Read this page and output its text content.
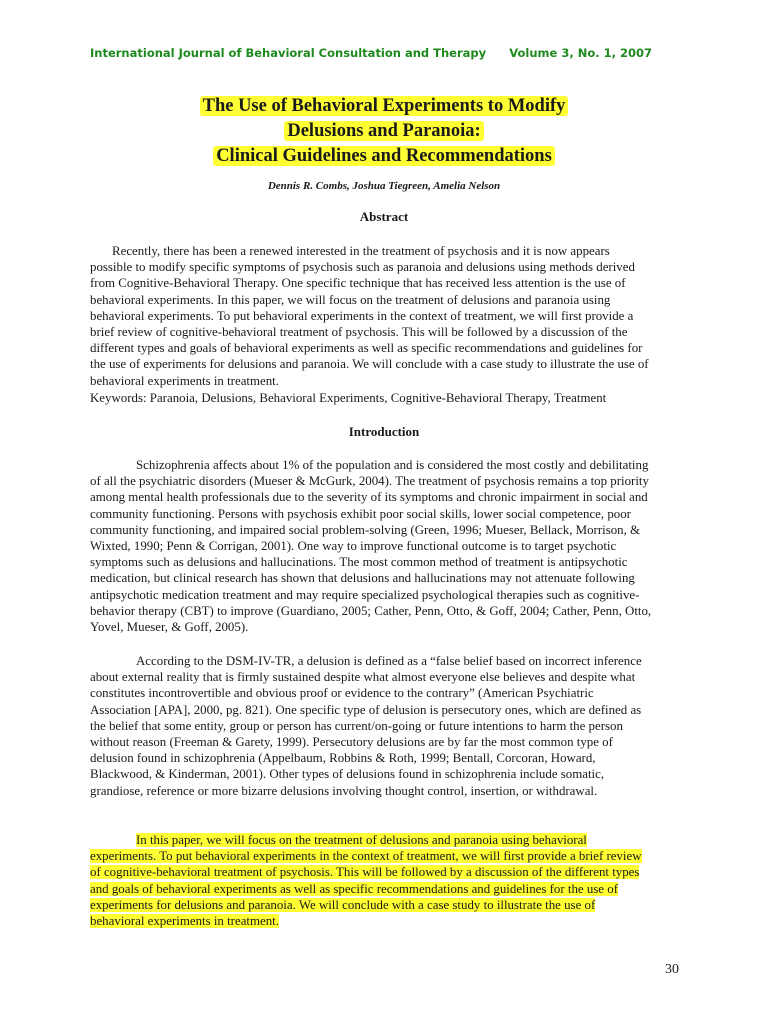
International Journal of Behavioral Consultation and Therapy Volume 3, No. 1, 2007
The Use of Behavioral Experiments to Modify
Delusions and Paranoia:
Clinical Guidelines and Recommendations
Dennis R. Combs, Joshua Tiegreen, Amelia Nelson
Abstract

Recently, there has been a renewed interested in the treatment of psychosis and it is now appears possible to modify specific symptoms of psychosis such as paranoia and delusions using methods derived from Cognitive-Behavioral Therapy. One specific technique that has received less attention is the use of behavioral experiments. In this paper, we will focus on the treatment of delusions and paranoia using behavioral experiments. To put behavioral experiments in the context of treatment, we will first provide a brief review of cognitive-behavioral treatment of psychosis. This will be followed by a discussion of the different types and goals of behavioral experiments as well as specific recommendations and guidelines for the use of experiments for delusions and paranoia. We will conclude with a case study to illustrate the use of behavioral experiments in treatment.

Keywords: Paranoia, Delusions, Behavioral Experiments, Cognitive-Behavioral Therapy, Treatment

Introduction

Schizophrenia affects about 1% of the population and is considered the most costly and debilitating of all the psychiatric disorders (Mueser & McGurk, 2004). The treatment of psychosis remains a top priority among mental health professionals due to the severity of its symptoms and chronic impairment in social and community functioning. Persons with psychosis exhibit poor social skills, lower social competence, poor community functioning, and impaired social problem-solving (Green, 1996; Mueser, Bellack, Morrison, & Wixted, 1990; Penn & Corrigan, 2001). One way to improve functional outcome is to target psychotic symptoms such as delusions and hallucinations. The most common method of treatment is antipsychotic medication, but clinical research has shown that delusions and hallucinations may not attenuate following antipsychotic medication treatment and may require specialized psychological therapies such as cognitive-behavior therapy (CBT) to improve (Guardiano, 2005; Cather, Penn, Otto, & Goff, 2004; Cather, Penn, Otto, Yovel, Mueser, & Goff, 2005).

According to the DSM-IV-TR, a delusion is defined as a “false belief based on incorrect inference about external reality that is firmly sustained despite what almost everyone else believes and despite what constitutes incontrovertible and obvious proof or evidence to the contrary” (American Psychiatric Association [APA], 2000, pg. 821). One specific type of delusion is persecutory ones, which are defined as the belief that some entity, group or person has current/on-going or future intentions to harm the person without reason (Freeman & Garety, 1999). Persecutory delusions are by far the most common type of delusion found in schizophrenia (Appelbaum, Robbins & Roth, 1999; Bentall, Corcoran, Howard, Blackwood, & Kinderman, 2001). Other types of delusions found in schizophrenia include somatic, grandiose, reference or more bizarre delusions involving thought control, insertion, or withdrawal.

In this paper, we will focus on the treatment of delusions and paranoia using behavioral experiments. To put behavioral experiments in the context of treatment, we will first provide a brief review of cognitive-behavioral treatment of psychosis. This will be followed by a discussion of the different types and goals of behavioral experiments as well as specific recommendations and guidelines for the use of experiments for delusions and paranoia. We will conclude with a case study to illustrate the use of behavioral experiments in treatment.

30
